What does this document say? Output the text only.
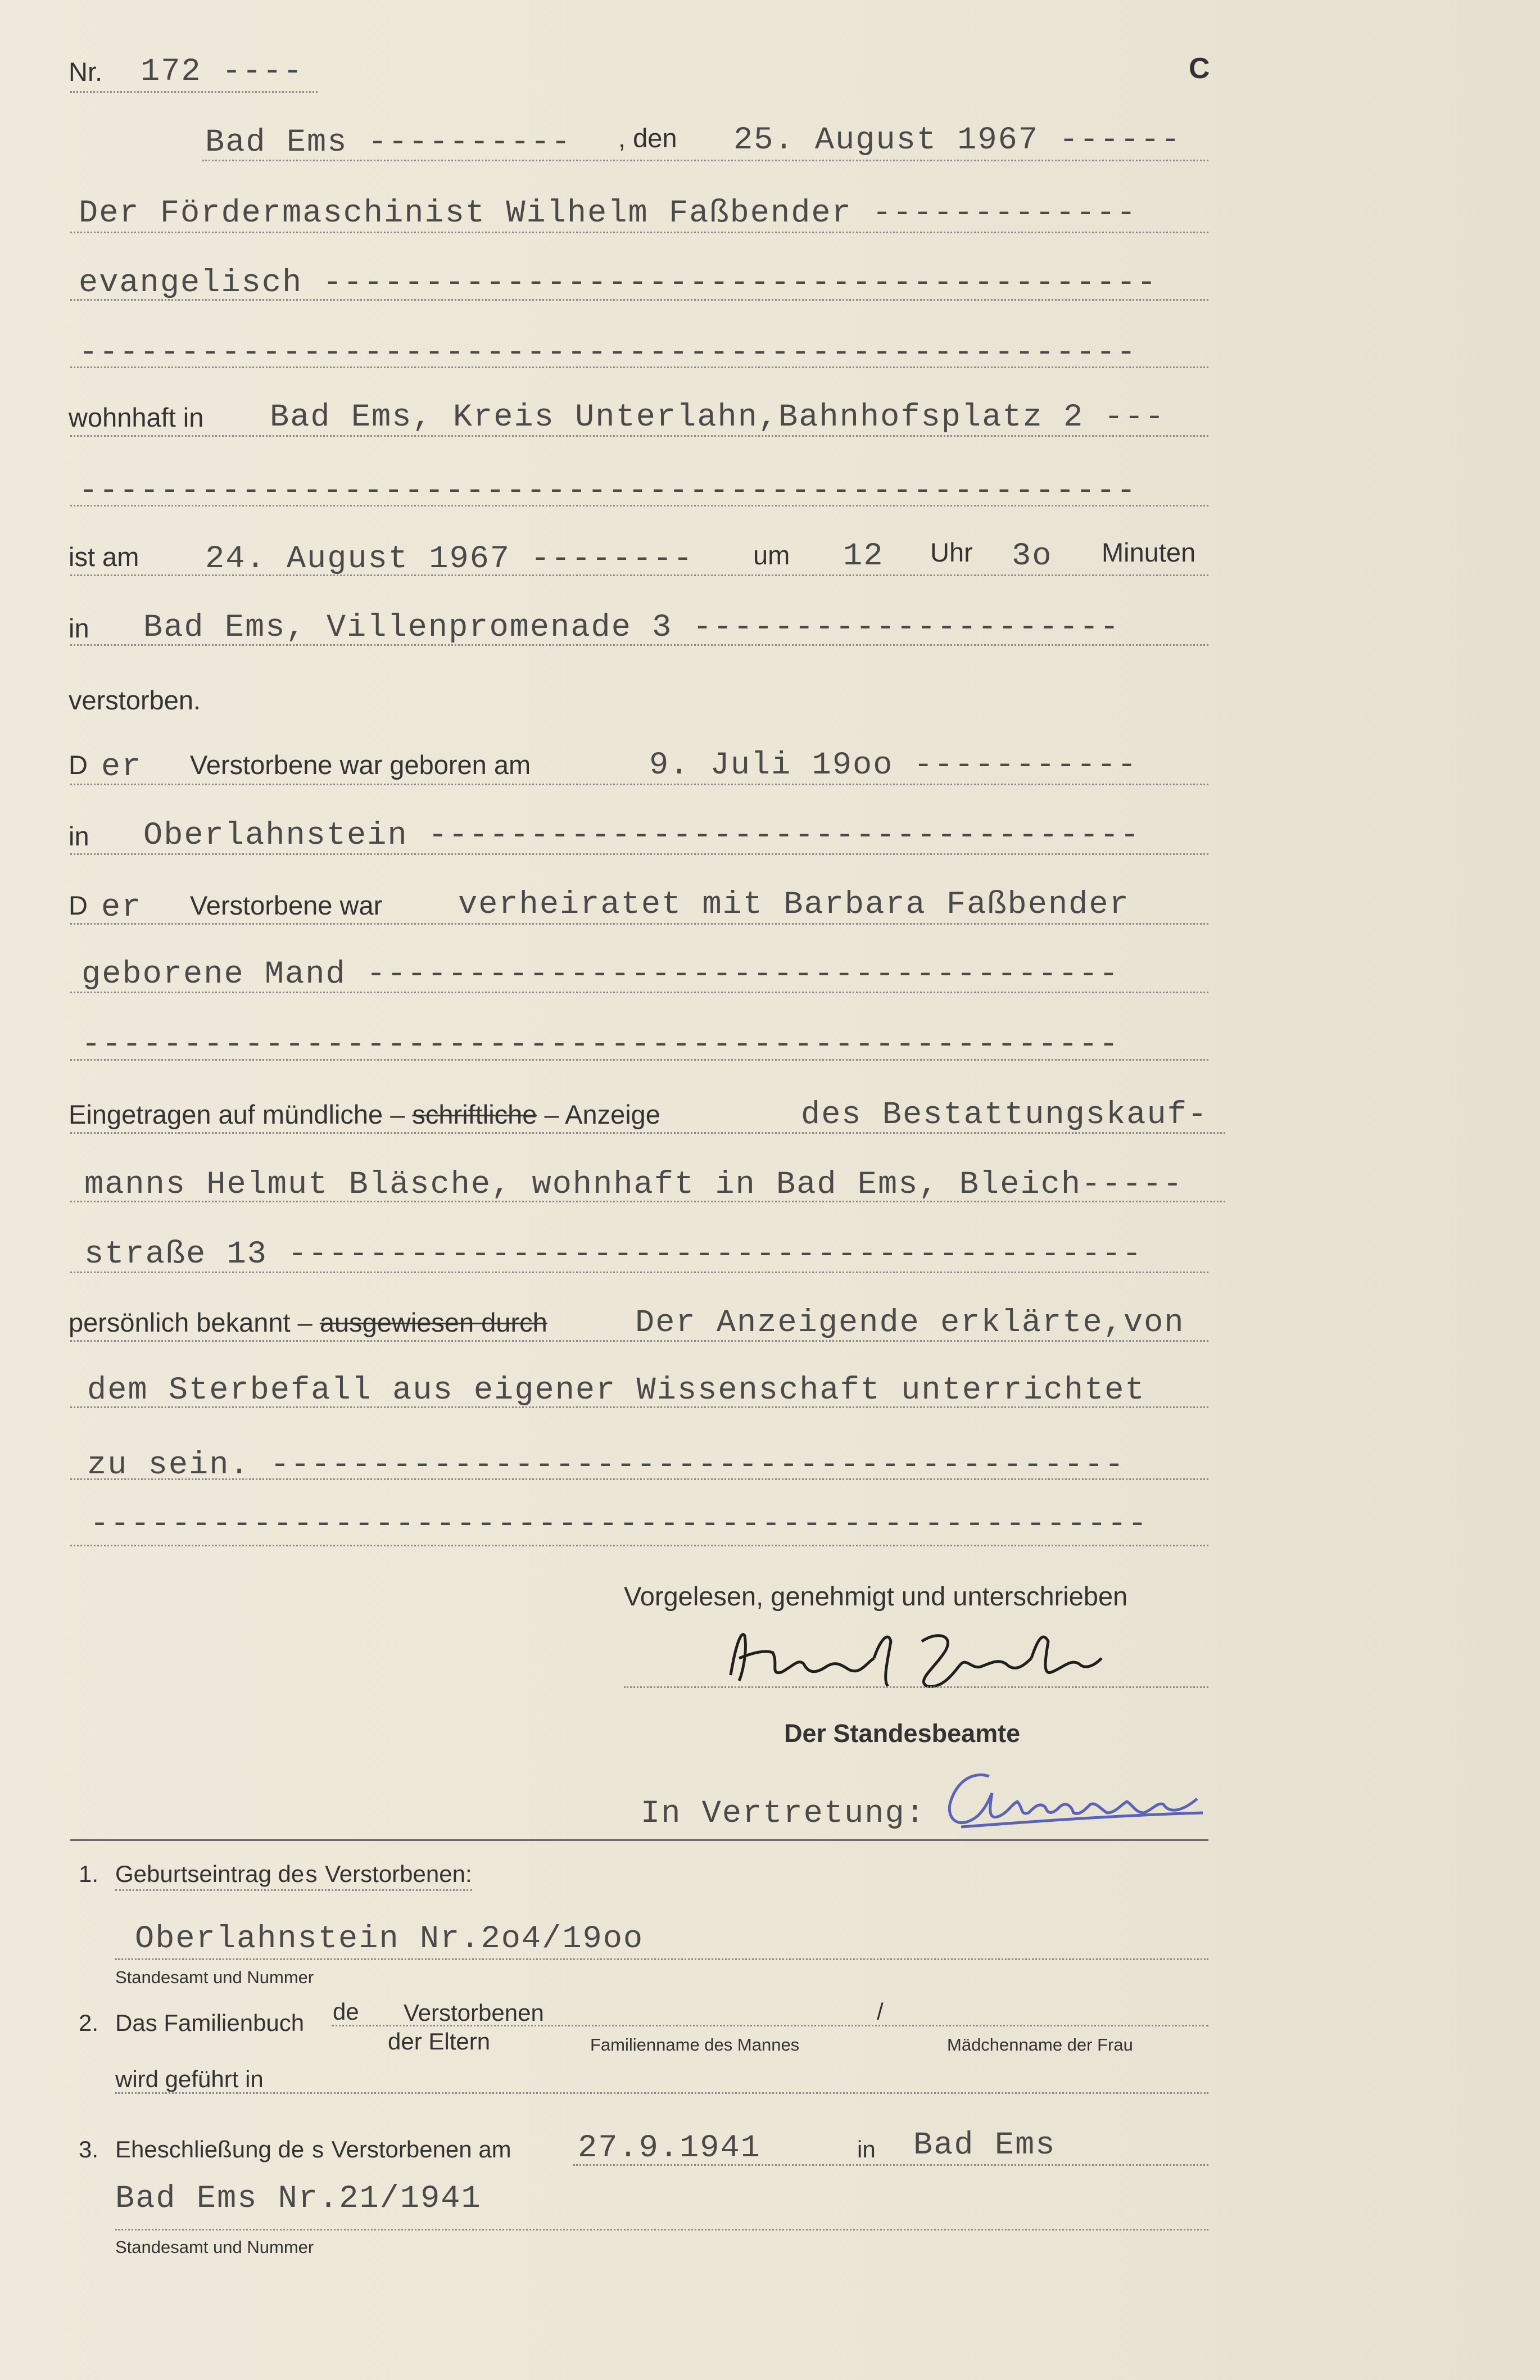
Nr. 172 ----	C
Bad Ems ---------- , den 25. August 1967 ------
Der Fördermaschinist Wilhelm Faßbender -------------
evangelisch -----------------------------------------
----------------------------------------------------
wohnhaft in Bad Ems, Kreis Unterlahn,Bahnhofsplatz 2 ---
----------------------------------------------------
ist am 24. August 1967 -------- um 12 Uhr 3o Minuten
in Bad Ems, Villenpromenade 3 ---------------------
verstorben.
D er Verstorbene war geboren am	9. Juli 19oo -----------
in Oberlahnstein -----------------------------------
D er Verstorbene war verheiratet mit Barbara Faßbender
geborene Mand -------------------------------------
---------------------------------------------------
Eingetragen auf mündliche – schriftliche – Anzeige	des Bestattungskauf-
manns Helmut Bläsche, wohnhaft in Bad Ems, Bleich-----
straße 13 ------------------------------------------
persönlich bekannt – ausgewiesen durch	Der Anzeigende erklärte,von
dem Sterbefall aus eigener Wissenschaft unterrichtet
zu sein. ------------------------------------------
----------------------------------------------------
Vorgelesen, genehmigt und unterschrieben
Der Standesbeamte
In Vertretung:
1. Geburtseintrag des Verstorbenen:
Oberlahnstein Nr.2o4/19oo
Standesamt und Nummer
2. Das Familienbuch de Verstorbenen	/
der Eltern	Familienname des Mannes	Mädchenname der Frau
wird geführt in
3. Eheschließung de s Verstorbenen am 27.9.1941	in Bad Ems
Bad Ems Nr.21/1941
Standesamt und Nummer
